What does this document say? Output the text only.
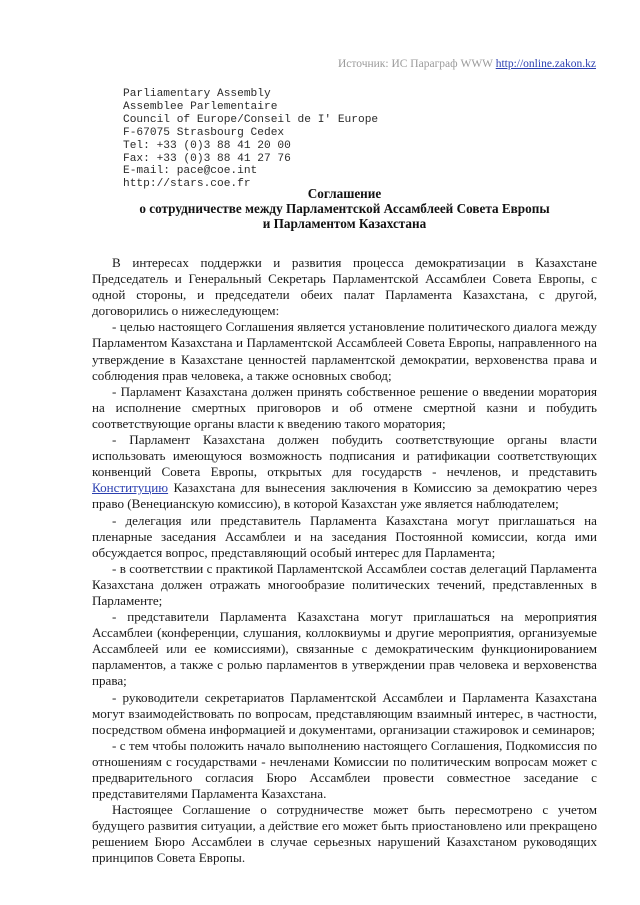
Источник: ИС Параграф WWW http://online.zakon.kz
Parliamentary Assembly
Assemblee Parlementaire
Council of Europe/Conseil de I' Europe
F-67075 Strasbourg Cedex
Tel: +33 (0)3 88 41 20 00
Fax: +33 (0)3 88 41 27 76
E-mail: pace@coe.int
http://stars.coe.fr
Соглашение
о сотрудничестве между Парламентской Ассамблеей Совета Европы
и Парламентом Казахстана

В интересах поддержки и развития процесса демократизации в Казахстане Председатель и Генеральный Секретарь Парламентской Ассамблеи Совета Европы, с одной стороны, и председатели обеих палат Парламента Казахстана, с другой, договорились о нижеследующем:

- целью настоящего Соглашения является установление политического диалога между Парламентом Казахстана и Парламентской Ассамблеей Совета Европы, направленного на утверждение в Казахстане ценностей парламентской демократии, верховенства права и соблюдения прав человека, а также основных свобод;

- Парламент Казахстана должен принять собственное решение о введении моратория на исполнение смертных приговоров и об отмене смертной казни и побудить соответствующие органы власти к введению такого моратория;

- Парламент Казахстана должен побудить соответствующие органы власти использовать имеющуюся возможность подписания и ратификации соответствующих конвенций Совета Европы, открытых для государств - нечленов, и представить Конституцию Казахстана для вынесения заключения в Комиссию за демократию через право (Венецианскую комиссию), в которой Казахстан уже является наблюдателем;

- делегация или представитель Парламента Казахстана могут приглашаться на пленарные заседания Ассамблеи и на заседания Постоянной комиссии, когда ими обсуждается вопрос, представляющий особый интерес для Парламента;

- в соответствии с практикой Парламентской Ассамблеи состав делегаций Парламента Казахстана должен отражать многообразие политических течений, представленных в Парламенте;

- представители Парламента Казахстана могут приглашаться на мероприятия Ассамблеи (конференции, слушания, коллоквиумы и другие мероприятия, организуемые Ассамблеей или ее комиссиями), связанные с демократическим функционированием парламентов, а также с ролью парламентов в утверждении прав человека и верховенства права;

- руководители секретариатов Парламентской Ассамблеи и Парламента Казахстана могут взаимодействовать по вопросам, представляющим взаимный интерес, в частности, посредством обмена информацией и документами, организации стажировок и семинаров;

- с тем чтобы положить начало выполнению настоящего Соглашения, Подкомиссия по отношениям с государствами - нечленами Комиссии по политическим вопросам может с предварительного согласия Бюро Ассамблеи провести совместное заседание с представителями Парламента Казахстана.

Настоящее Соглашение о сотрудничестве может быть пересмотрено с учетом будущего развития ситуации, а действие его может быть приостановлено или прекращено решением Бюро Ассамблеи в случае серьезных нарушений Казахстаном руководящих принципов Совета Европы.
